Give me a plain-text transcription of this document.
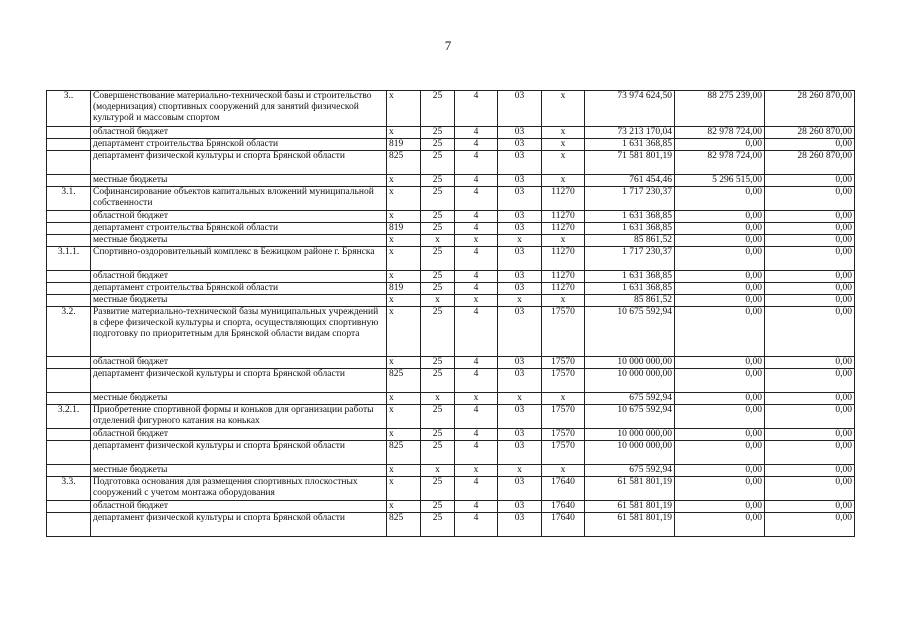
7
3..	Совершенствование материально-технической базы и строительство (модернизация) спортивных сооружений для занятий физической культурой и массовым спортом	х	25	4	03	х	73 974 624,50	88 275 239,00	28 260 870,00
	областной бюджет	х	25	4	03	х	73 213 170,04	82 978 724,00	28 260 870,00
	департамент строительства Брянской области	819	25	4	03	х	1 631 368,85	0,00	0,00
	департамент физической культуры и спорта Брянской области	825	25	4	03	х	71 581 801,19	82 978 724,00	28 260 870,00
	местные бюджеты	х	25	4	03	х	761 454,46	5 296 515,00	0,00
3.1.	Софинансирование объектов капитальных вложений муниципальной собственности	х	25	4	03	11270	1 717 230,37	0,00	0,00
	областной бюджет	х	25	4	03	11270	1 631 368,85	0,00	0,00
	департамент строительства Брянской области	819	25	4	03	11270	1 631 368,85	0,00	0,00
	местные бюджеты	х	х	х	х	х	85 861,52	0,00	0,00
3.1.1.	Спортивно-оздоровительный комплекс в Бежицком районе г. Брянска	х	25	4	03	11270	1 717 230,37	0,00	0,00
	областной бюджет	х	25	4	03	11270	1 631 368,85	0,00	0,00
	департамент строительства Брянской области	819	25	4	03	11270	1 631 368,85	0,00	0,00
	местные бюджеты	х	х	х	х	х	85 861,52	0,00	0,00
3.2.	Развитие материально-технической базы муниципальных учреждений в сфере физической культуры и спорта, осуществляющих спортивную подготовку по приоритетным для Брянской области видам спорта	х	25	4	03	17570	10 675 592,94	0,00	0,00
	областной бюджет	х	25	4	03	17570	10 000 000,00	0,00	0,00
	департамент физической культуры и спорта Брянской области	825	25	4	03	17570	10 000 000,00	0,00	0,00
	местные бюджеты	х	х	х	х	х	675 592,94	0,00	0,00
3.2.1.	Приобретение спортивной формы и коньков для организации работы отделений фигурного катания на коньках	х	25	4	03	17570	10 675 592,94	0,00	0,00
	областной бюджет	х	25	4	03	17570	10 000 000,00	0,00	0,00
	департамент физической культуры и спорта Брянской области	825	25	4	03	17570	10 000 000,00	0,00	0,00
	местные бюджеты	х	х	х	х	х	675 592,94	0,00	0,00
3.3.	Подготовка основания для размещения спортивных плоскостных сооружений с учетом монтажа оборудования	х	25	4	03	17640	61 581 801,19	0,00	0,00
	областной бюджет	х	25	4	03	17640	61 581 801,19	0,00	0,00
	департамент физической культуры и спорта Брянской области	825	25	4	03	17640	61 581 801,19	0,00	0,00
